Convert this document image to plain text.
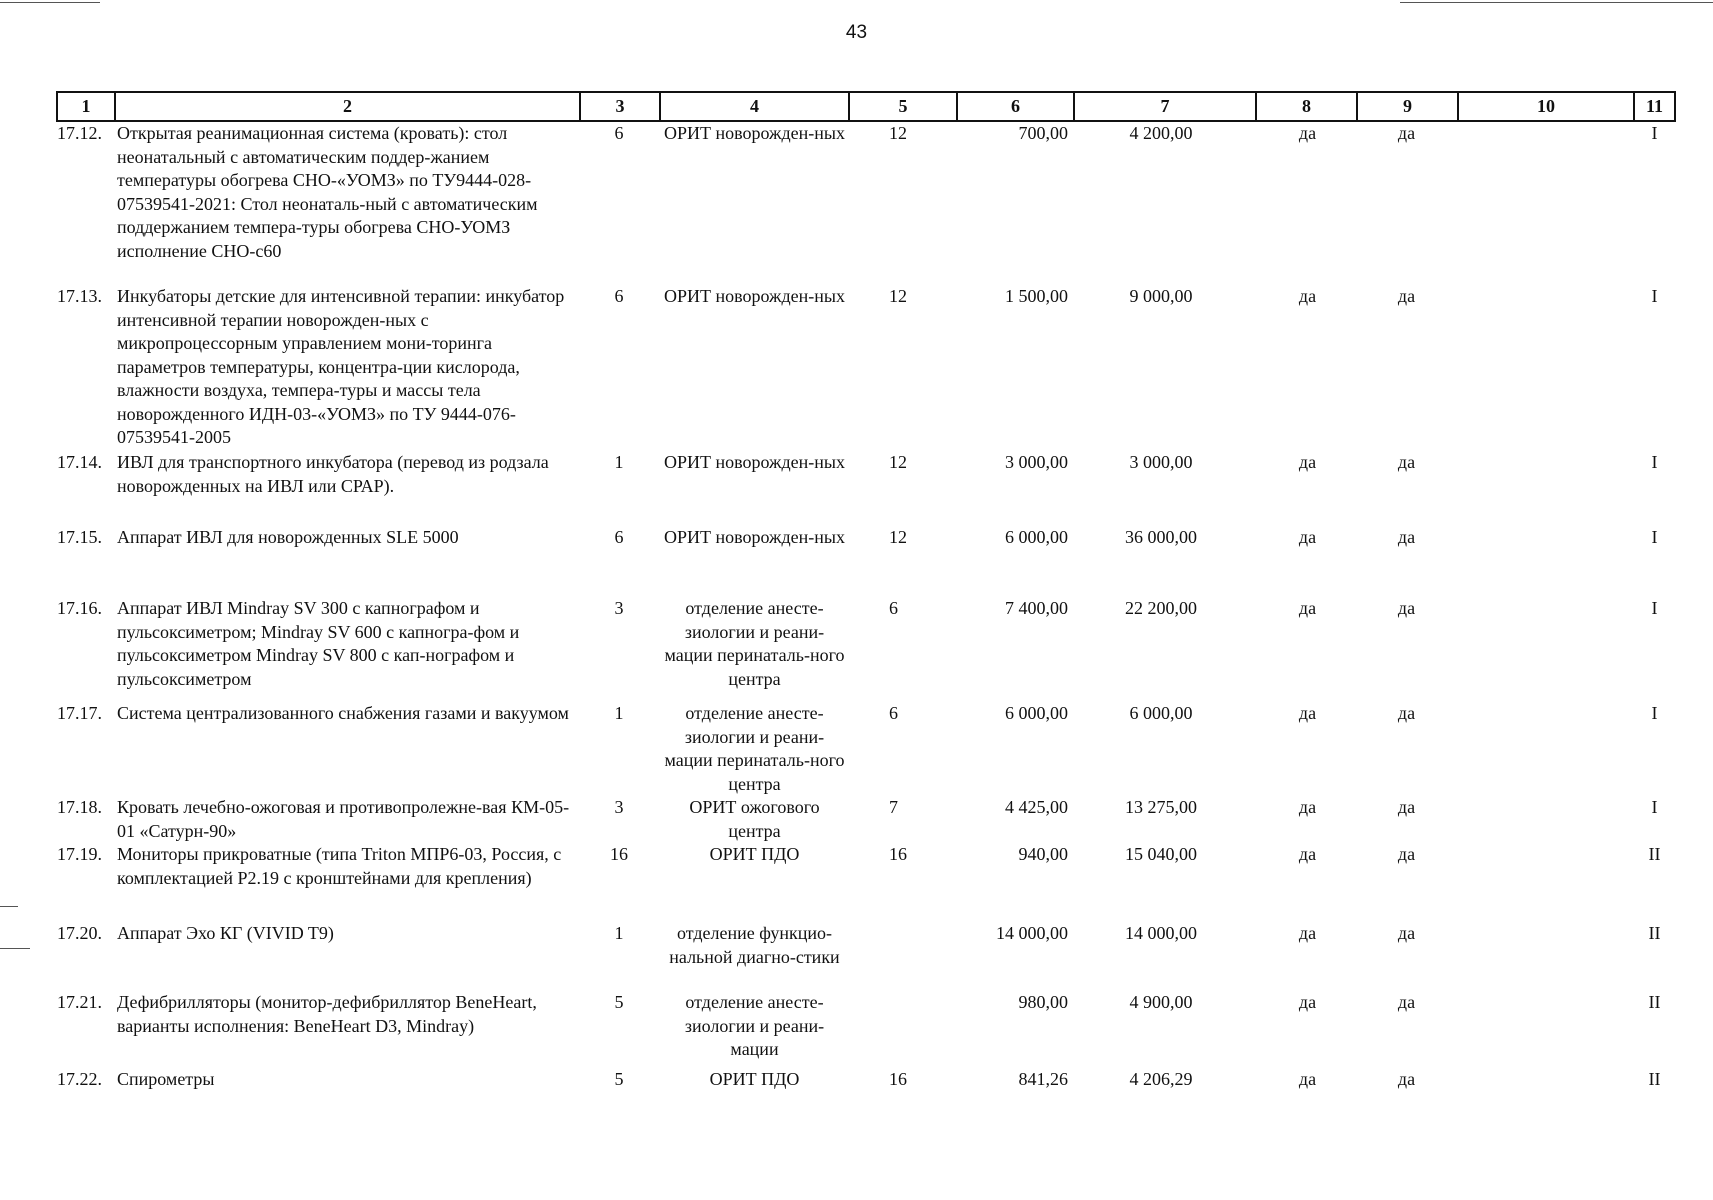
43
1	2	3	4	5	6	7	8	9	10	11
17.12.	Открытая реанимационная система (кровать): стол неонатальный с автоматическим поддер-жанием температуры обогрева СНО-«УОМЗ» по ТУ9444-028-07539541-2021: Стол неонаталь-ный с автоматическим поддержанием темпера-туры обогрева СНО-УОМЗ исполнение СНО-с60	6	ОРИТ новорожден-ных	12	700,00	4 200,00	да	да		I
17.13.	Инкубаторы детские для интенсивной терапии: инкубатор интенсивной терапии новорожден-ных с микропроцессорным управлением мони-торинга параметров температуры, концентра-ции кислорода, влажности воздуха, темпера-туры и массы тела новорожденного ИДН-03-«УОМЗ» по ТУ 9444-076-07539541-2005	6	ОРИТ новорожден-ных	12	1 500,00	9 000,00	да	да		I
17.14.	ИВЛ для транспортного инкубатора (перевод из родзала новорожденных на ИВЛ или СРАР).	1	ОРИТ новорожден-ных	12	3 000,00	3 000,00	да	да		I
17.15.	Аппарат ИВЛ для новорожденных SLE 5000	6	ОРИТ новорожден-ных	12	6 000,00	36 000,00	да	да		I
17.16.	Аппарат ИВЛ Mindray SV 300 с капнографом и пульсоксиметром; Mindray SV 600 с капногра-фом и пульсоксиметром Mindray SV 800 с кап-нографом и пульсоксиметром	3	отделение анесте-зиологии и реани-мации перинаталь-ного центра	6	7 400,00	22 200,00	да	да		I
17.17.	Система централизованного снабжения газами и вакуумом	1	отделение анесте-зиологии и реани-мации перинаталь-ного центра	6	6 000,00	6 000,00	да	да		I
17.18.	Кровать лечебно-ожоговая и противопролежне-вая КМ-05-01 «Сатурн-90»	3	ОРИТ ожогового центра	7	4 425,00	13 275,00	да	да		I
17.19.	Мониторы прикроватные (типа Triton МПР6-03, Россия, с комплектацией Р2.19 с кронштейнами для крепления)	16	ОРИТ ПДО	16	940,00	15 040,00	да	да		II
17.20.	Аппарат Эхо КГ (VIVID T9)	1	отделение функцио-нальной диагно-стики		14 000,00	14 000,00	да	да		II
17.21.	Дефибрилляторы (монитор-дефибриллятор BeneHeart, варианты исполнения: BeneHeart D3, Mindray)	5	отделение анесте-зиологии и реани-мации		980,00	4 900,00	да	да		II
17.22.	Спирометры	5	ОРИТ ПДО	16	841,26	4 206,29	да	да		II
